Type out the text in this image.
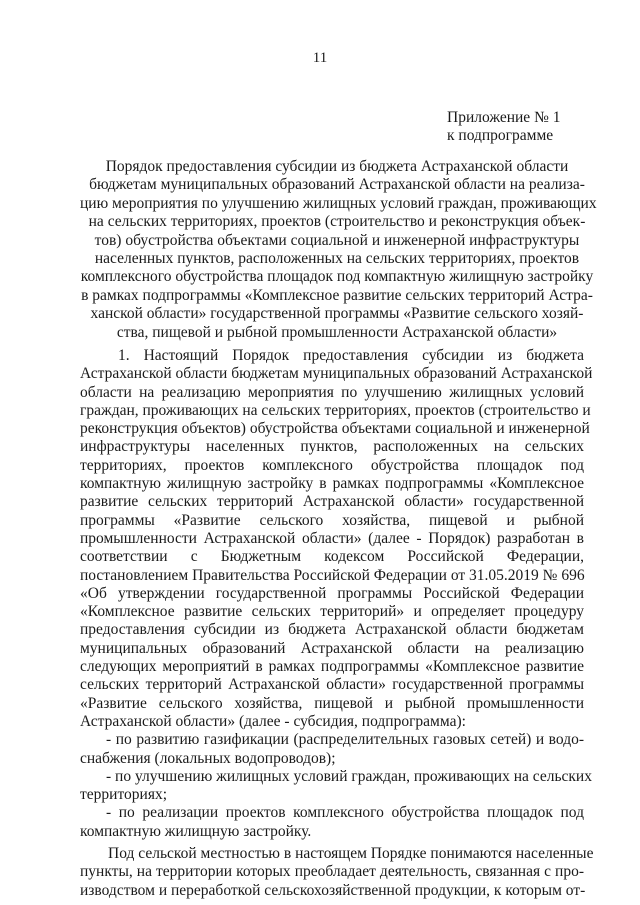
11
Приложение № 1
к подпрограмме
Порядок предоставления субсидии из бюджета Астраханской области
бюджетам муниципальных образований Астраханской области на реализа-
цию мероприятия по улучшению жилищных условий граждан, проживающих
на сельских территориях, проектов (строительство и реконструкция объек-
тов) обустройства объектами социальной и инженерной инфраструктуры
населенных пунктов, расположенных на сельских территориях, проектов
комплексного обустройства площадок под компактную жилищную застройку
в рамках подпрограммы «Комплексное развитие сельских территорий Астра-
ханской области» государственной программы «Развитие сельского хозяй-
ства, пищевой и рыбной промышленности Астраханской области»
1. Настоящий Порядок предоставления субсидии из бюджета
Астраханской области бюджетам муниципальных образований Астраханской
области на реализацию мероприятия по улучшению жилищных условий
граждан, проживающих на сельских территориях, проектов (строительство и
реконструкция объектов) обустройства объектами социальной и инженерной
инфраструктуры населенных пунктов, расположенных на сельских
территориях, проектов комплексного обустройства площадок под
компактную жилищную застройку в рамках подпрограммы «Комплексное
развитие сельских территорий Астраханской области» государственной
программы «Развитие сельского хозяйства, пищевой и рыбной
промышленности Астраханской области» (далее - Порядок) разработан в
соответствии с Бюджетным кодексом Российской Федерации,
постановлением Правительства Российской Федерации от 31.05.2019 № 696
«Об утверждении государственной программы Российской Федерации
«Комплексное развитие сельских территорий» и определяет процедуру
предоставления субсидии из бюджета Астраханской области бюджетам
муниципальных образований Астраханской области на реализацию
следующих мероприятий в рамках подпрограммы «Комплексное развитие
сельских территорий Астраханской области» государственной программы
«Развитие сельского хозяйства, пищевой и рыбной промышленности
Астраханской области» (далее - субсидия, подпрограмма):
- по развитию газификации (распределительных газовых сетей) и водо-
снабжения (локальных водопроводов);
- по улучшению жилищных условий граждан, проживающих на сельских
территориях;
- по реализации проектов комплексного обустройства площадок под
компактную жилищную застройку.
Под сельской местностью в настоящем Порядке понимаются населенные
пункты, на территории которых преобладает деятельность, связанная с про-
изводством и переработкой сельскохозяйственной продукции, к которым от-
